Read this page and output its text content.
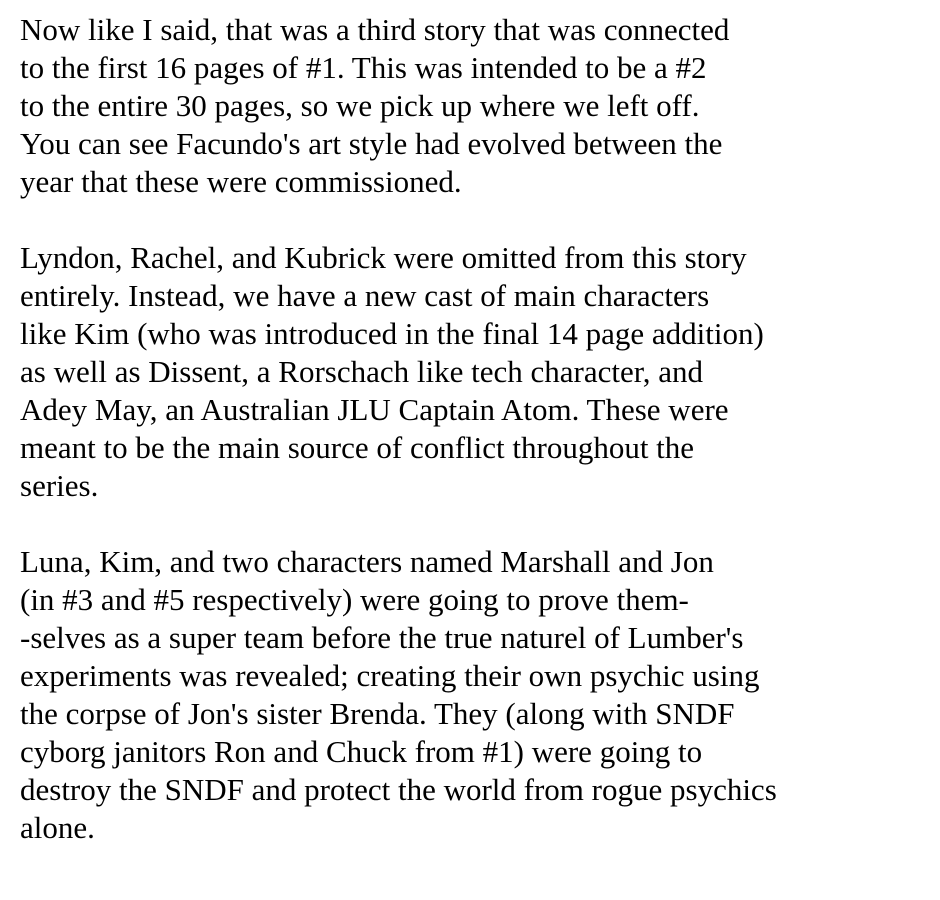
Now like I said, that was a third story that was connected
to the first 16 pages of #1. This was intended to be a #2
to the entire 30 pages, so we pick up where we left off.
You can see Facundo's art style had evolved between the
year that these were commissioned.
Lyndon, Rachel, and Kubrick were omitted from this story
entirely. Instead, we have a new cast of main characters
like Kim (who was introduced in the final 14 page addition)
as well as Dissent, a Rorschach like tech character, and
Adey May, an Australian JLU Captain Atom. These were
meant to be the main source of conflict throughout the
series.
Luna, Kim, and two characters named Marshall and Jon
(in #3 and #5 respectively) were going to prove them-
-selves as a super team before the true naturel of Lumber's
experiments was revealed; creating their own psychic using
the corpse of Jon's sister Brenda. They (along with SNDF
cyborg janitors Ron and Chuck from #1) were going to
destroy the SNDF and protect the world from rogue psychics
alone.
